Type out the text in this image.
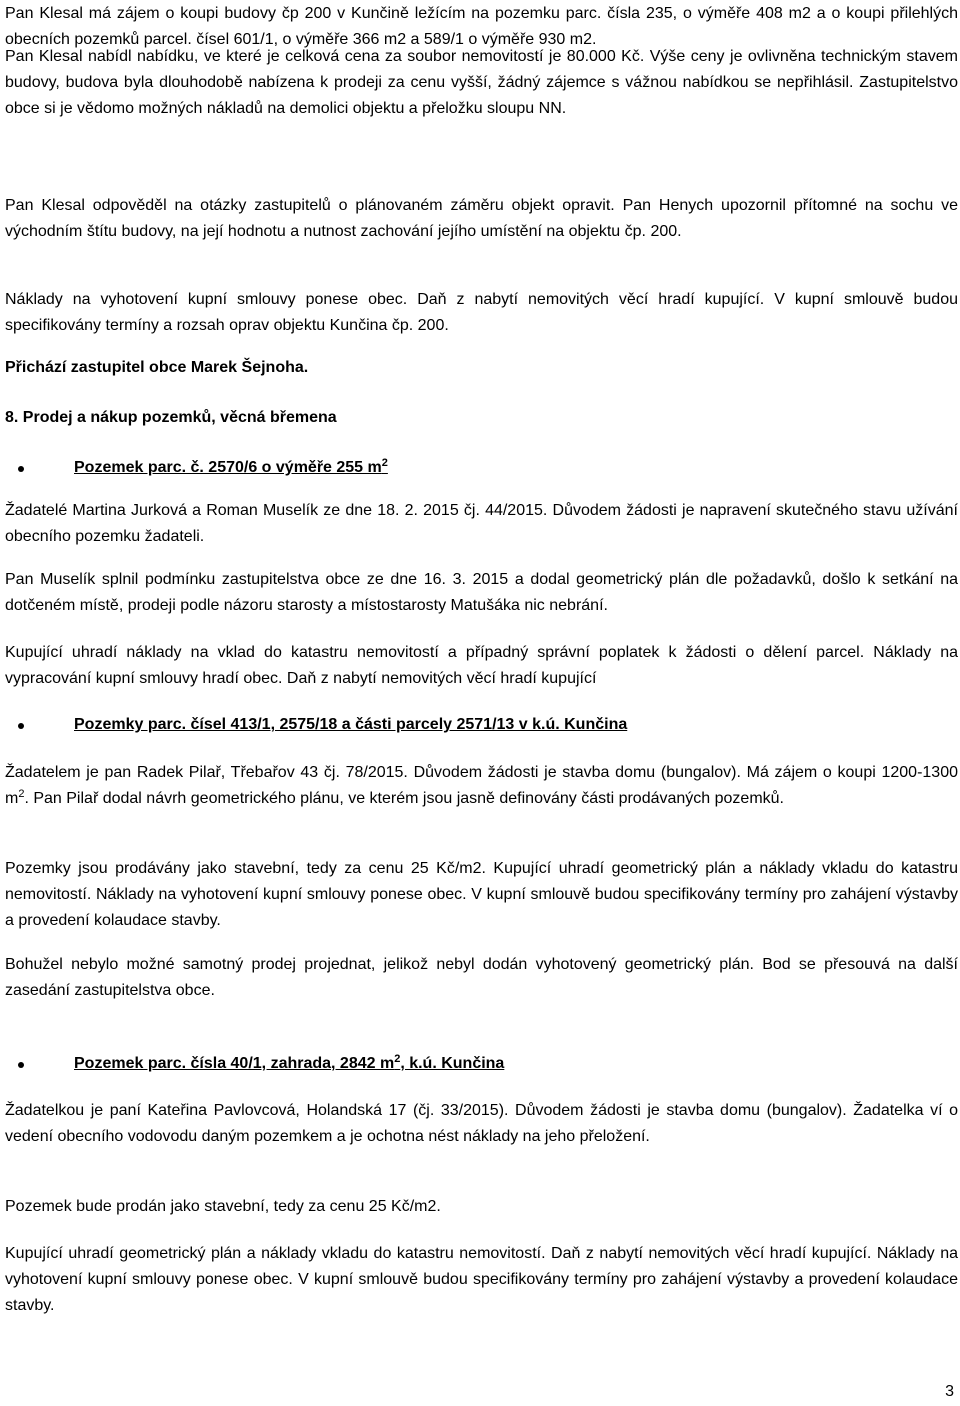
Pan Klesal má zájem o koupi budovy čp 200 v Kunčině ležícím na pozemku parc. čísla 235, o výměře 408 m2 a o koupi přilehlých obecních pozemků parcel. čísel 601/1, o výměře 366 m2 a 589/1 o výměře 930 m2.

Pan Klesal nabídl nabídku, ve které je celková cena za soubor nemovitostí je 80.000 Kč. Výše ceny je ovlivněna technickým stavem budovy, budova byla dlouhodobě nabízena k prodeji za cenu vyšší, žádný zájemce s vážnou nabídkou se nepřihlásil. Zastupitelstvo obce si je vědomo možných nákladů na demolici objektu a přeložku sloupu NN.

Pan Klesal odpověděl na otázky zastupitelů o plánovaném záměru objekt opravit. Pan Henych upozornil přítomné na sochu ve východním štítu budovy, na její hodnotu a nutnost zachování jejího umístění na objektu čp. 200.

Náklady na vyhotovení kupní smlouvy ponese obec. Daň z nabytí nemovitých věcí hradí kupující. V kupní smlouvě budou specifikovány termíny a rozsah oprav objektu Kunčina čp. 200.

Přichází zastupitel obce Marek Šejnoha.

8. Prodej a nákup pozemků, věcná břemena

Pozemek parc. č. 2570/6 o výměře 255 $m^2$

Žadatelé Martina Jurková a Roman Muselík ze dne 18. 2. 2015 čj. 44/2015. Důvodem žádosti je napravení skutečného stavu užívání obecního pozemku žadateli.

Pan Muselík splnil podmínku zastupitelstva obce ze dne 16. 3. 2015 a dodal geometrický plán dle požadavků, došlo k setkání na dotčeném místě, prodeji podle názoru starosty a místostarosty Matušáka nic nebrání.

Kupující uhradí náklady na vklad do katastru nemovitostí a případný správní poplatek k žádosti o dělení parcel. Náklady na vypracování kupní smlouvy hradí obec. Daň z nabytí nemovitých věcí hradí kupující

Pozemky parc. čísel 413/1, 2575/18 a části parcely 2571/13 v k.ú. Kunčina

Žadatelem je pan Radek Pilař, Třebařov 43 čj. 78/2015. Důvodem žádosti je stavba domu (bungalov). Má zájem o koupi 1200-1300 $m^2$. Pan Pilař dodal návrh geometrického plánu, ve kterém jsou jasně definovány části prodávaných pozemků.

Pozemky jsou prodávány jako stavební, tedy za cenu 25 Kč/m2. Kupující uhradí geometrický plán a náklady vkladu do katastru nemovitostí. Náklady na vyhotovení kupní smlouvy ponese obec. V kupní smlouvě budou specifikovány termíny pro zahájení výstavby a provedení kolaudace stavby.

Bohužel nebylo možné samotný prodej projednat, jelikož nebyl dodán vyhotovený geometrický plán. Bod se přesouvá na další zasedání zastupitelstva obce.

Pozemek parc. čísla 40/1, zahrada, 2842 $m^2$, k.ú. Kunčina

Žadatelkou je paní Kateřina Pavlovcová, Holandská 17 (čj. 33/2015). Důvodem žádosti je stavba domu (bungalov). Žadatelka ví o vedení obecního vodovodu daným pozemkem a je ochotna nést náklady na jeho přeložení.

Pozemek bude prodán jako stavební, tedy za cenu 25 Kč/m2.

Kupující uhradí geometrický plán a náklady vkladu do katastru nemovitostí. Daň z nabytí nemovitých věcí hradí kupující. Náklady na vyhotovení kupní smlouvy ponese obec. V kupní smlouvě budou specifikovány termíny pro zahájení výstavby a provedení kolaudace stavby.

3
